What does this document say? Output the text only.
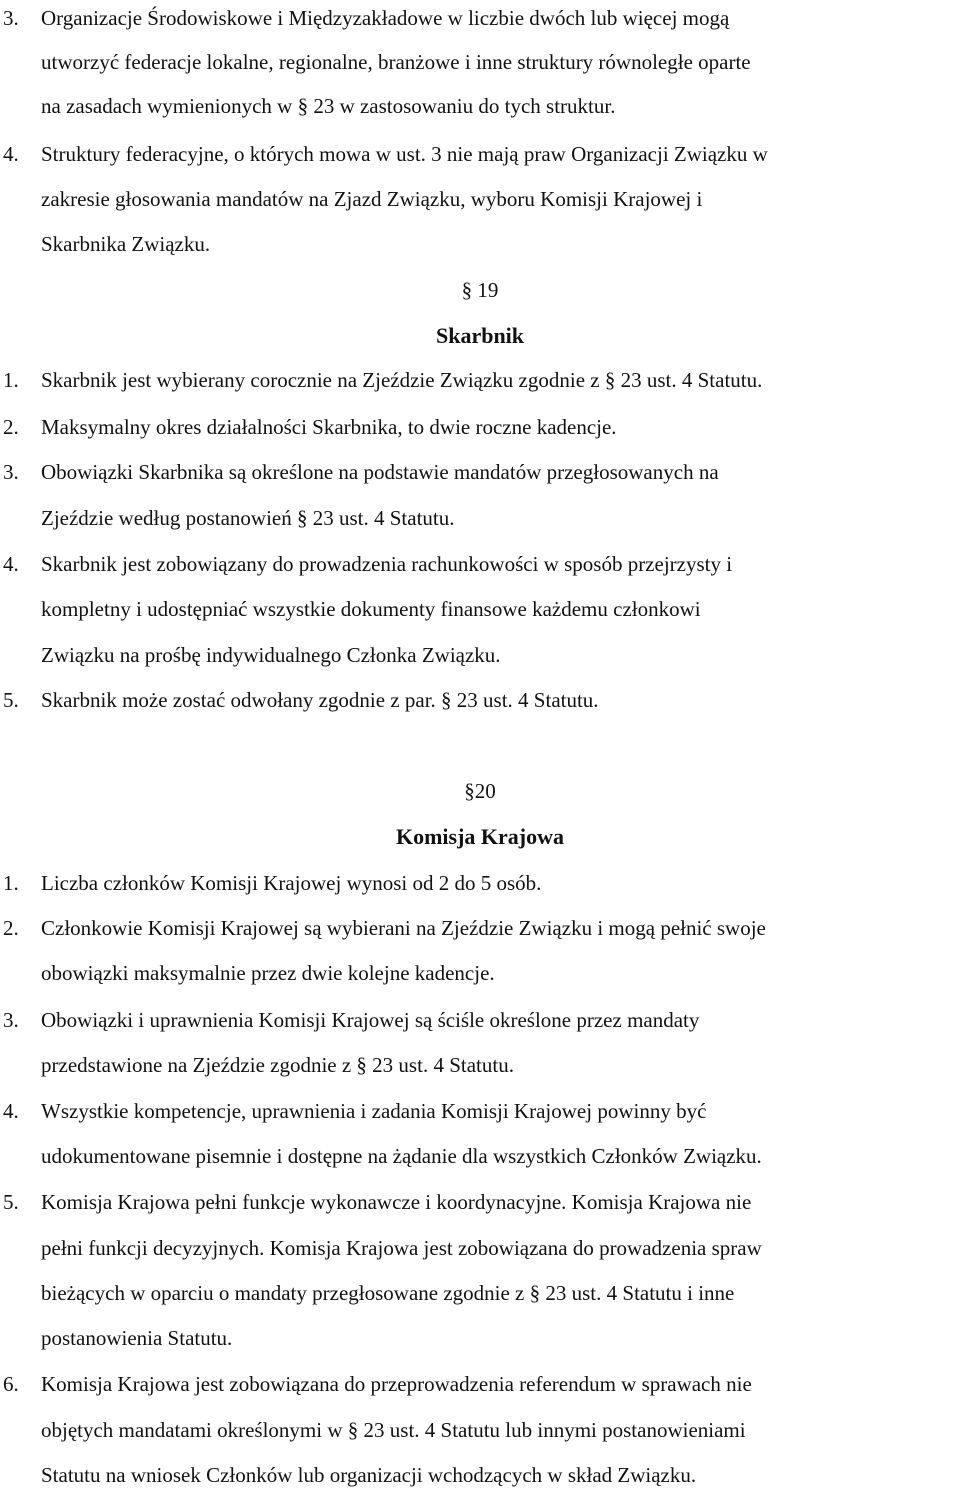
3. Organizacje Środowiskowe i Międzyzakładowe w liczbie dwóch lub więcej mogą
utworzyć federacje lokalne, regionalne, branżowe i inne struktury równoległe oparte
na zasadach wymienionych w § 23 w zastosowaniu do tych struktur.
4. Struktury federacyjne, o których mowa w ust. 3 nie mają praw Organizacji Związku w
zakresie głosowania mandatów na Zjazd Związku, wyboru Komisji Krajowej i
Skarbnika Związku.
§ 19
Skarbnik
1. Skarbnik jest wybierany corocznie na Zjeździe Związku zgodnie z § 23 ust. 4 Statutu.
2. Maksymalny okres działalności Skarbnika, to dwie roczne kadencje.
3. Obowiązki Skarbnika są określone na podstawie mandatów przegłosowanych na
Zjeździe według postanowień § 23 ust. 4 Statutu.
4. Skarbnik jest zobowiązany do prowadzenia rachunkowości w sposób przejrzysty i
kompletny i udostępniać wszystkie dokumenty finansowe każdemu członkowi
Związku na prośbę indywidualnego Członka Związku.
5. Skarbnik może zostać odwołany zgodnie z par. § 23 ust. 4 Statutu.
§20
Komisja Krajowa
1. Liczba członków Komisji Krajowej wynosi od 2 do 5 osób.
2. Członkowie Komisji Krajowej są wybierani na Zjeździe Związku i mogą pełnić swoje
obowiązki maksymalnie przez dwie kolejne kadencje.
3. Obowiązki i uprawnienia Komisji Krajowej są ściśle określone przez mandaty
przedstawione na Zjeździe zgodnie z § 23 ust. 4 Statutu.
4. Wszystkie kompetencje, uprawnienia i zadania Komisji Krajowej powinny być
udokumentowane pisemnie i dostępne na żądanie dla wszystkich Członków Związku.
5. Komisja Krajowa pełni funkcje wykonawcze i koordynacyjne. Komisja Krajowa nie
pełni funkcji decyzyjnych. Komisja Krajowa jest zobowiązana do prowadzenia spraw
bieżących w oparciu o mandaty przegłosowane zgodnie z § 23 ust. 4 Statutu i inne
postanowienia Statutu.
6. Komisja Krajowa jest zobowiązana do przeprowadzenia referendum w sprawach nie
objętych mandatami określonymi w § 23 ust. 4 Statutu lub innymi postanowieniami
Statutu na wniosek Członków lub organizacji wchodzących w skład Związku.
